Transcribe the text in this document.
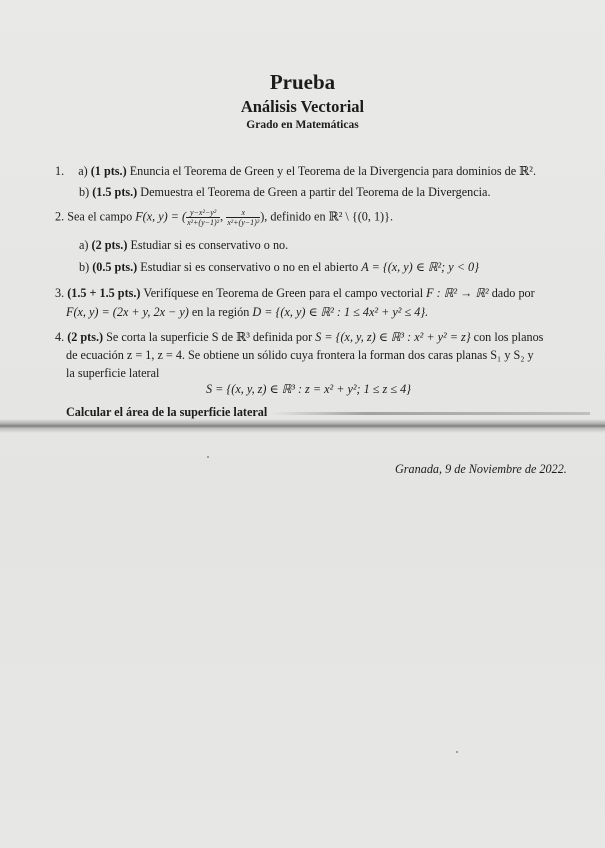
Prueba
Análisis Vectorial
Grado en Matemáticas
1. a) (1 pts.) Enuncia el Teorema de Green y el Teorema de la Divergencia para dominios de ℝ².
b) (1.5 pts.) Demuestra el Teorema de Green a partir del Teorema de la Divergencia.
2. Sea el campo F(x, y) = ( $\frac{\text{y−x²−y²}}{\text{x²+(y−1)²}}$ , $\frac{x}{\text{x²+(y−1)²}}$ ), definido en ℝ² \ {(0, 1)}.
a) (2 pts.) Estudiar si es conservativo o no.
b) (0.5 pts.) Estudiar si es conservativo o no en el abierto A = {(x, y) ∈ ℝ²; y < 0}
3. (1.5 + 1.5 pts.) Verifíquese en Teorema de Green para el campo vectorial F : ℝ² → ℝ² dado por
F(x, y) = (2x + y, 2x − y) en la región D = {(x, y) ∈ ℝ² : 1 ≤ 4x² + y² ≤ 4}.
4. (2 pts.) Se corta la superficie S de ℝ³ definida por S = {(x, y, z) ∈ ℝ³ : x² + y² = z} con los planos
de ecuación z = 1, z = 4. Se obtiene un sólido cuya frontera la forman dos caras planas S₁ y S₂ y
la superficie lateral
S = {(x, y, z) ∈ ℝ³ : z = x² + y²; 1 ≤ z ≤ 4}
Calcular el área de la superficie lateral
Granada, 9 de Noviembre de 2022.
